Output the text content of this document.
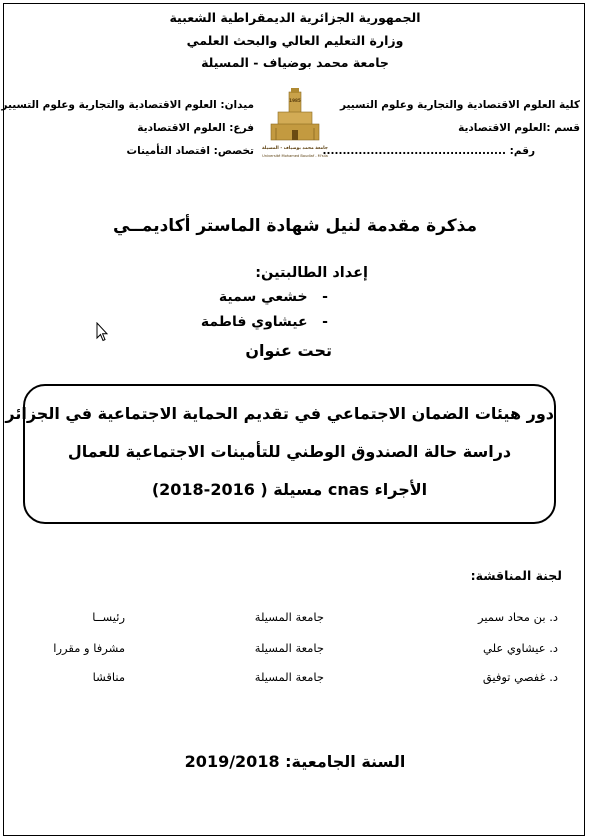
الجمهورية الجزائرية الديمقراطية الشعبية
وزارة التعليم العالي والبحث العلمي
جامعة محمد بوضياف - المسيلة
كلية العلوم الاقتصادية والتجارية وعلوم التسيير
قسم :العلوم الاقتصادية
رقم: ..............................................
ميدان: العلوم الاقتصادية والتجارية وعلوم التسيير
فرع: العلوم الاقتصادية
تخصص: اقتصاد التأمينات
1985
جامعة محمد بوضياف - المسيلة
Université Mohamed Boudiaf - M'sila
مذكرة مقدمة لنيل شهادة الماستر أكاديمــي
إعداد الطالبتين:
-   خشعي سمية
-   عيشاوي فاطمة
تحت عنوان
دور هيئات الضمان الاجتماعي في تقديم الحماية الاجتماعية في الجزائر
دراسة حالة الصندوق الوطني للتأمينات الاجتماعية للعمال
الأجراء cnas مسيلة ( 2016-2018)
لجنة المناقشة:
د. بن محاد سمير
جامعة المسيلة
رئيســا
د. عيشاوي علي
جامعة المسيلة
مشرفا و مقررا
د. غفصي توفيق
جامعة المسيلة
مناقشا
السنة الجامعية: 2019/2018
